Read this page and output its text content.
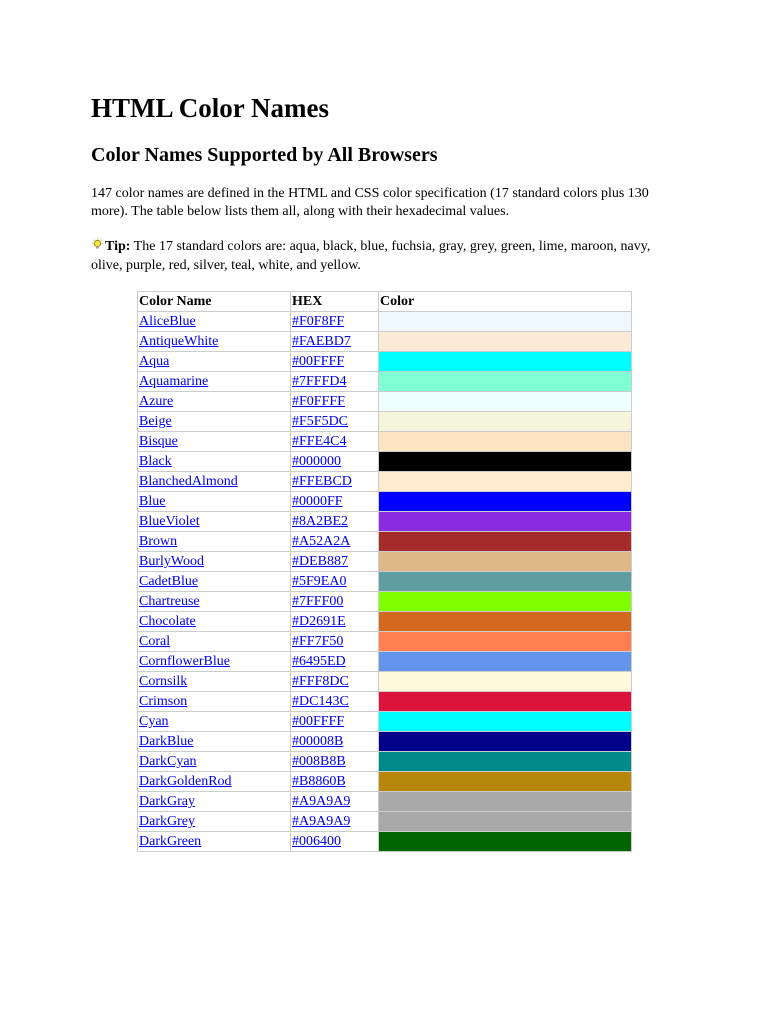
HTML Color Names
Color Names Supported by All Browsers

147 color names are defined in the HTML and CSS color specification (17 standard colors plus 130 more). The table below lists them all, along with their hexadecimal values.

Tip: The 17 standard colors are: aqua, black, blue, fuchsia, gray, grey, green, lime, maroon, navy, olive, purple, red, silver, teal, white, and yellow.

Color Name	HEX	Color
AliceBlue	#F0F8FF	

AntiqueWhite	#FAEBD7	

Aqua	#00FFFF	

Aquamarine	#7FFFD4	

Azure	#F0FFFF	

Beige	#F5F5DC	

Bisque	#FFE4C4	

Black	#000000	

BlanchedAlmond	#FFEBCD	

Blue	#0000FF	

BlueViolet	#8A2BE2	

Brown	#A52A2A	

BurlyWood	#DEB887	

CadetBlue	#5F9EA0	

Chartreuse	#7FFF00	

Chocolate	#D2691E	

Coral	#FF7F50	

CornflowerBlue	#6495ED	

Cornsilk	#FFF8DC	

Crimson	#DC143C	

Cyan	#00FFFF	

DarkBlue	#00008B	

DarkCyan	#008B8B	

DarkGoldenRod	#B8860B	

DarkGray	#A9A9A9	

DarkGrey	#A9A9A9	

DarkGreen	#006400	
